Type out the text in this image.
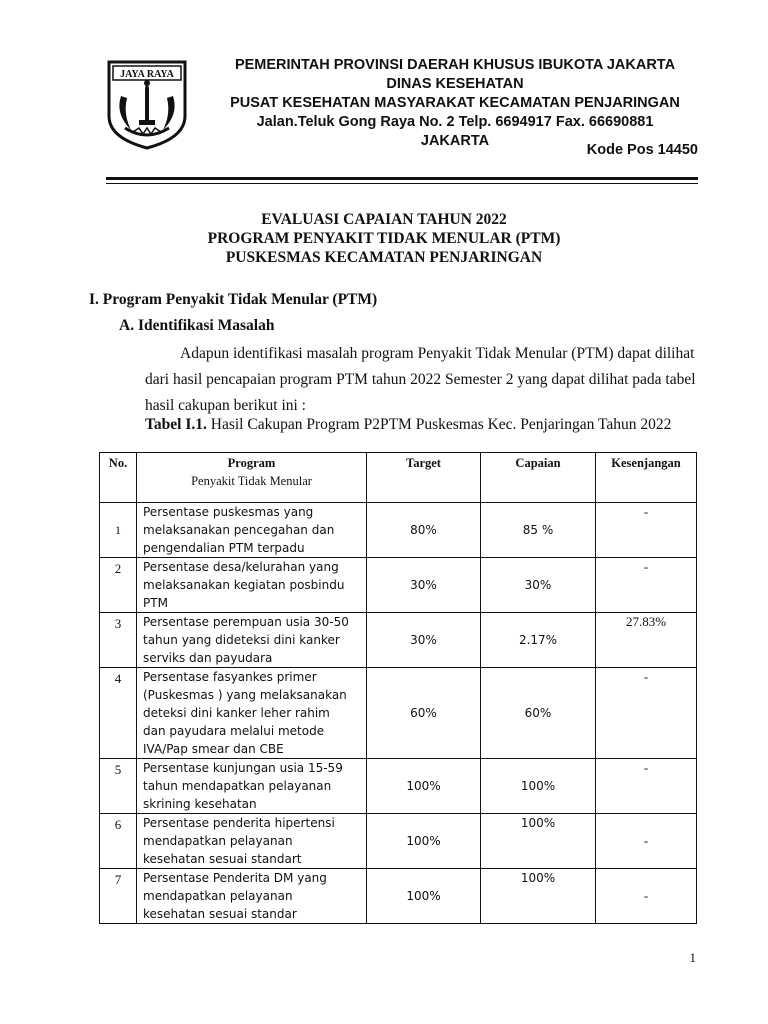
JAYA RAYA
PEMERINTAH PROVINSI DAERAH KHUSUS IBUKOTA JAKARTA
DINAS KESEHATAN
PUSAT KESEHATAN MASYARAKAT KECAMATAN PENJARINGAN
Jalan.Teluk Gong Raya No. 2 Telp. 6694917 Fax. 66690881
JAKARTA
Kode Pos 14450
EVALUASI CAPAIAN TAHUN 2022
PROGRAM PENYAKIT TIDAK MENULAR (PTM)
PUSKESMAS KECAMATAN PENJARINGAN
I. Program Penyakit Tidak Menular (PTM)
A. Identifikasi Masalah
Adapun identifikasi masalah program Penyakit Tidak Menular (PTM) dapat dilihat
dari hasil pencapaian program PTM tahun 2022 Semester 2 yang dapat dilihat pada tabel
hasil cakupan berikut ini :
Tabel I.1. Hasil Cakupan Program P2PTM Puskesmas Kec. Penjaringan Tahun 2022
No.	Program
Penyakit Tidak Menular	Target	Capaian	Kesenjangan
1	Persentase puskesmas yang
melaksanakan pencegahan dan
pengendalian PTM terpadu	80%	85 %	-
2	Persentase desa/kelurahan yang
melaksanakan kegiatan posbindu
PTM	30%	30%	-
3	Persentase perempuan usia 30-50
tahun yang dideteksi dini kanker
serviks dan payudara	30%	2.17%	27.83%
4	Persentase fasyankes primer
(Puskesmas ) yang melaksanakan
deteksi dini kanker leher rahim
dan payudara melalui metode
IVA/Pap smear dan CBE	60%	60%	-
5	Persentase kunjungan usia 15-59
tahun mendapatkan pelayanan
skrining kesehatan	100%	100%	-
6	Persentase penderita hipertensi
mendapatkan pelayanan
kesehatan sesuai standart	100%	100%	-
7	Persentase Penderita DM yang
mendapatkan pelayanan
kesehatan sesuai standar	100%	100%	-
1
